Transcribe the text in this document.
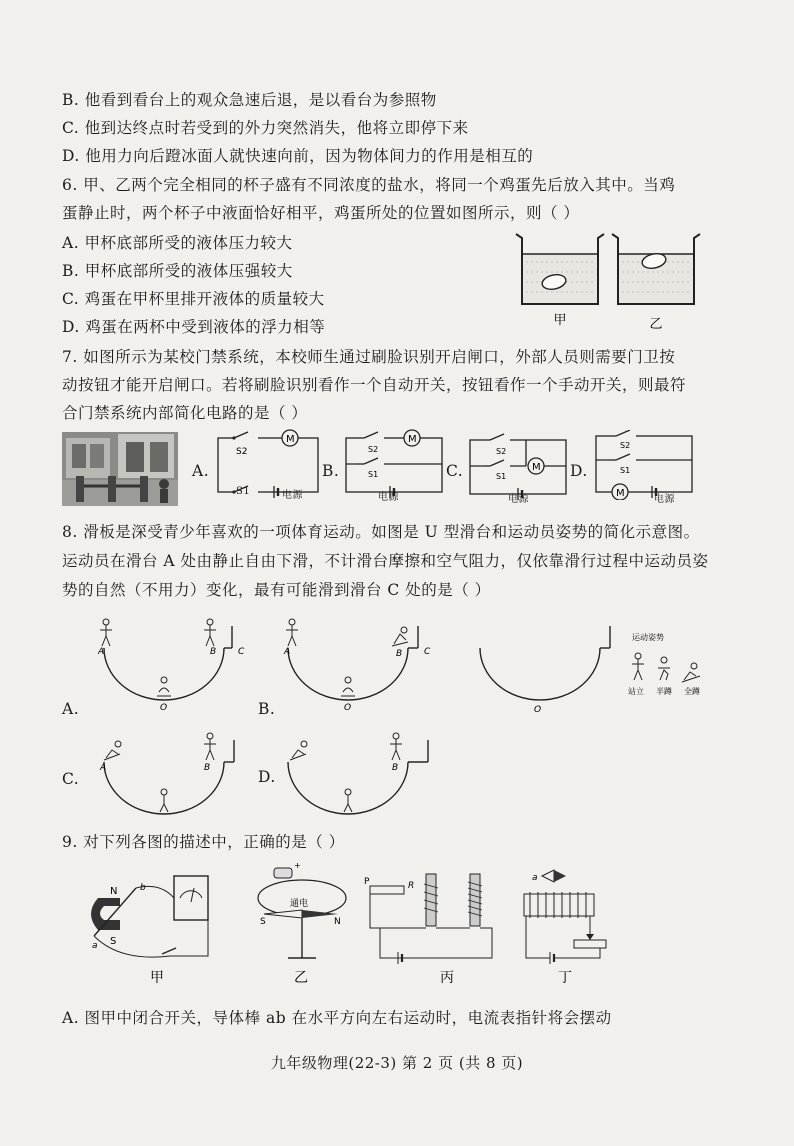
B. 他看到看台上的观众急速后退，是以看台为参照物
C. 他到达终点时若受到的外力突然消失，他将立即停下来
D. 他用力向后蹬冰面人就快速向前，因为物体间力的作用是相互的
6. 甲、乙两个完全相同的杯子盛有不同浓度的盐水，将同一个鸡蛋先后放入其中。当鸡
蛋静止时，两个杯子中液面恰好相平，鸡蛋所处的位置如图所示，则（ ）
A. 甲杯底部所受的液体压力较大
B. 甲杯底部所受的液体压强较大
C. 鸡蛋在甲杯里排开液体的质量较大
D. 鸡蛋在两杯中受到液体的浮力相等	甲	乙
7. 如图所示为某校门禁系统，本校师生通过刷脸识别开启闸口，外部人员则需要门卫按
动按钮才能开启闸口。若将刷脸识别看作一个自动开关，按钮看作一个手动开关，则最符
合门禁系统内部简化电路的是（ ）
A.
S2
M
S1	电源
B.
S2
S1
M
电源
C.
S2
S1
M
电源
D.
S2
S1
M
电源
8. 滑板是深受青少年喜欢的一项体育运动。如图是 U 型滑台和运动员姿势的简化示意图。
运动员在滑台 A 处由静止自由下滑，不计滑台摩擦和空气阻力，仅依靠滑行过程中运动员姿
势的自然（不用力）变化，最有可能滑到滑台 C 处的是（ ）
A	B C
O
A	B C
O	O
运动姿势
站立 半蹲 全蹲
A.	B.
A	B	B
C.	D.
9. 对下列各图的描述中，正确的是（ ）
N
S
a
b
甲
+
通电
S	N
乙
P	R
丙
a
丁
A. 图甲中闭合开关，导体棒 ab 在水平方向左右运动时，电流表指针将会摆动
九年级物理(22-3) 第 2 页 (共 8 页)
